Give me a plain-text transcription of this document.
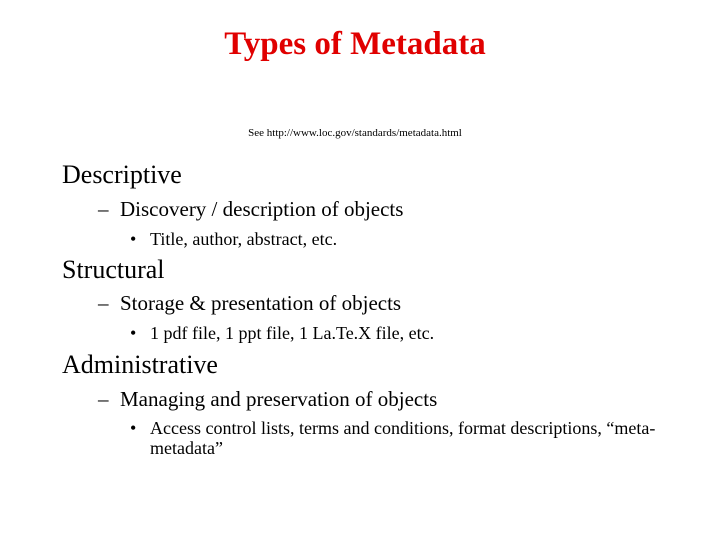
Types of Metadata
See http://www.loc.gov/standards/metadata.html
Descriptive
– Discovery / description of objects
• Title, author, abstract, etc.
Structural
– Storage & presentation of objects
• 1 pdf file, 1 ppt file, 1 La.Te.X file, etc.
Administrative
– Managing and preservation of objects
• Access control lists, terms and conditions, format descriptions, “meta-metadata”
